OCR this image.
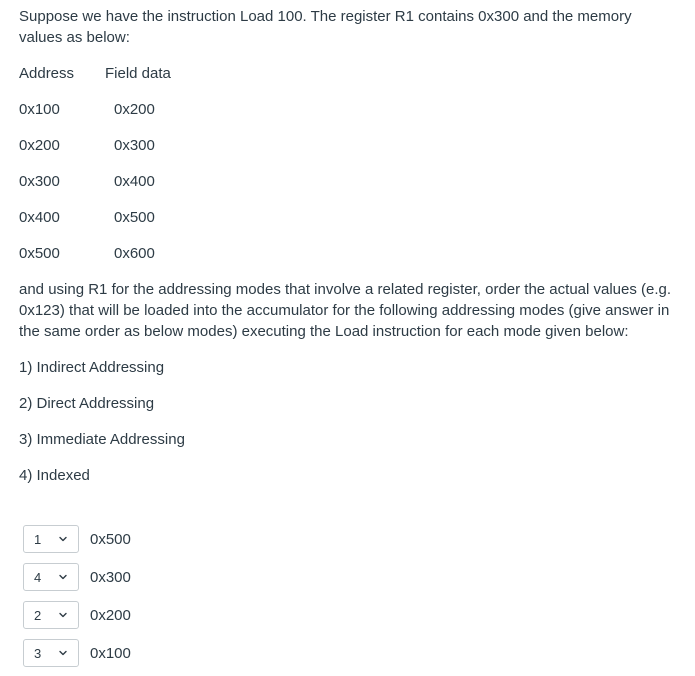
Suppose we have the instruction Load 100. The register R1 contains 0x300 and the memory values as below:

Address	Field data
0x100	0x200
0x200	0x300
0x300	0x400
0x400	0x500
0x500	0x600

and using R1 for the addressing modes that involve a related register, order the actual values (e.g. 0x123) that will be loaded into the accumulator for the following addressing modes (give answer in the same order as below modes) executing the Load instruction for each mode given below:

1) Indirect Addressing
2) Direct Addressing
3) Immediate Addressing
4) Indexed
1	0x500
4	0x300
2	0x200
3	0x100
